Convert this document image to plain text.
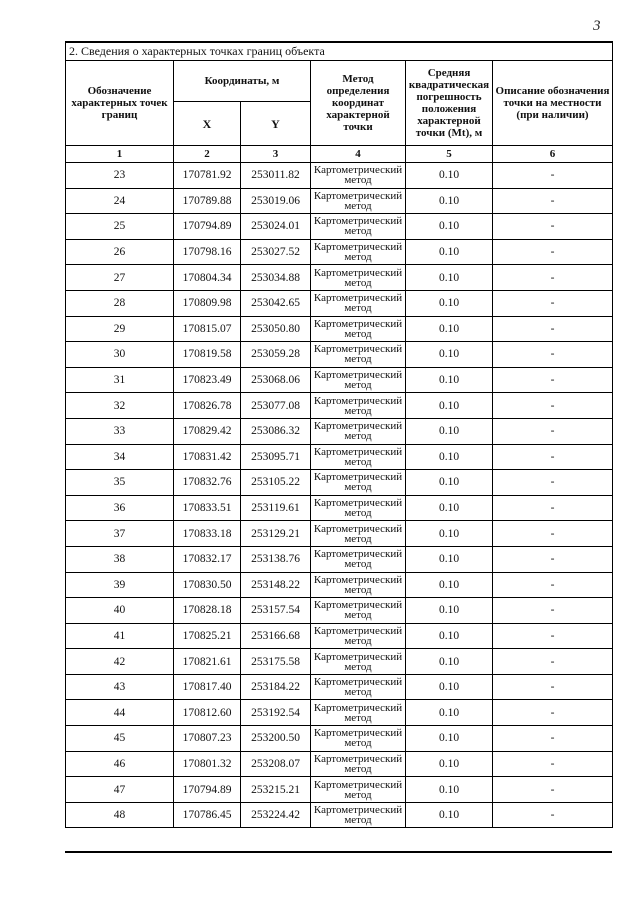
3
2. Сведения о характерных точках границ объекта					
Обозначение характерных точек границ	Координаты, м		Метод определения координат характерной точки	Средняя квадратическая погрешность положения характерной точки (Mt), м	Описание обозначения точки на местности (при наличии)
	X	Y			
1	2	3	4	5	6
23	170781.92	253011.82	Картометрический метод	0.10	-
24	170789.88	253019.06	Картометрический метод	0.10	-
25	170794.89	253024.01	Картометрический метод	0.10	-
26	170798.16	253027.52	Картометрический метод	0.10	-
27	170804.34	253034.88	Картометрический метод	0.10	-
28	170809.98	253042.65	Картометрический метод	0.10	-
29	170815.07	253050.80	Картометрический метод	0.10	-
30	170819.58	253059.28	Картометрический метод	0.10	-
31	170823.49	253068.06	Картометрический метод	0.10	-
32	170826.78	253077.08	Картометрический метод	0.10	-
33	170829.42	253086.32	Картометрический метод	0.10	-
34	170831.42	253095.71	Картометрический метод	0.10	-
35	170832.76	253105.22	Картометрический метод	0.10	-
36	170833.51	253119.61	Картометрический метод	0.10	-
37	170833.18	253129.21	Картометрический метод	0.10	-
38	170832.17	253138.76	Картометрический метод	0.10	-
39	170830.50	253148.22	Картометрический метод	0.10	-
40	170828.18	253157.54	Картометрический метод	0.10	-
41	170825.21	253166.68	Картометрический метод	0.10	-
42	170821.61	253175.58	Картометрический метод	0.10	-
43	170817.40	253184.22	Картометрический метод	0.10	-
44	170812.60	253192.54	Картометрический метод	0.10	-
45	170807.23	253200.50	Картометрический метод	0.10	-
46	170801.32	253208.07	Картометрический метод	0.10	-
47	170794.89	253215.21	Картометрический метод	0.10	-
48	170786.45	253224.42	Картометрический метод	0.10	-
